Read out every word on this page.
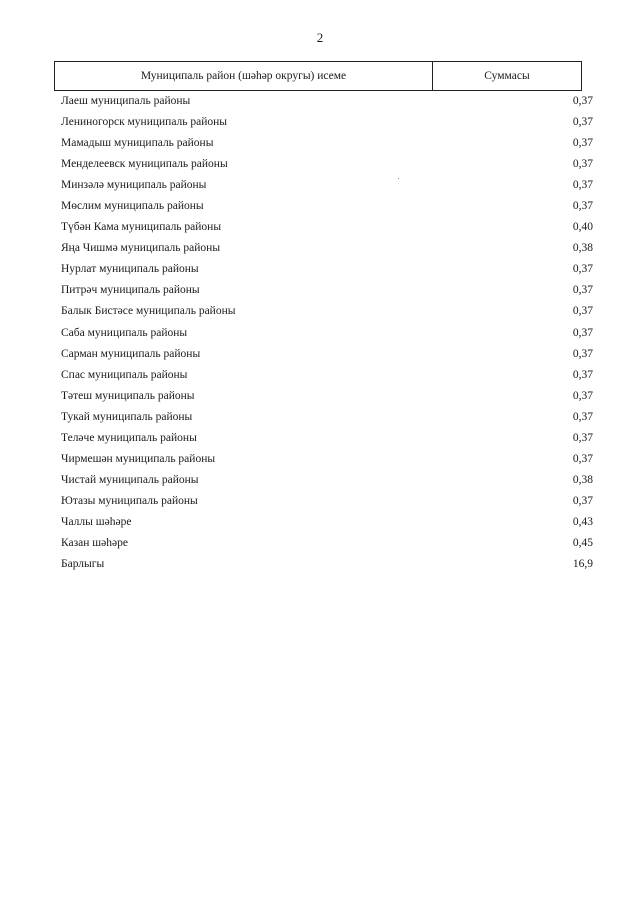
2
Муниципаль район (шәһәр округы) исеме	Суммасы
Лаеш муниципаль районы	0,37
Лениногорск муниципаль районы	0,37
Мамадыш муниципаль районы	0,37
Менделеевск муниципаль районы	0,37
Минзәлә муниципаль районы	0,37
Мөслим муниципаль районы	0,37
Түбән Кама муниципаль районы	0,40
Яңа Чишмә муниципаль районы	0,38
Нурлат муниципаль районы	0,37
Питрәч муниципаль районы	0,37
Балык Бистәсе муниципаль районы	0,37
Саба муниципаль районы	0,37
Сарман муниципаль районы	0,37
Спас муниципаль районы	0,37
Тәтеш муниципаль районы	0,37
Тукай муниципаль районы	0,37
Теләче муниципаль районы	0,37
Чирмешән муниципаль районы	0,37
Чистай муниципаль районы	0,38
Ютазы муниципаль районы	0,37
Чаллы шәһәре	0,43
Казан шәһәре	0,45
Барлыгы	16,9
